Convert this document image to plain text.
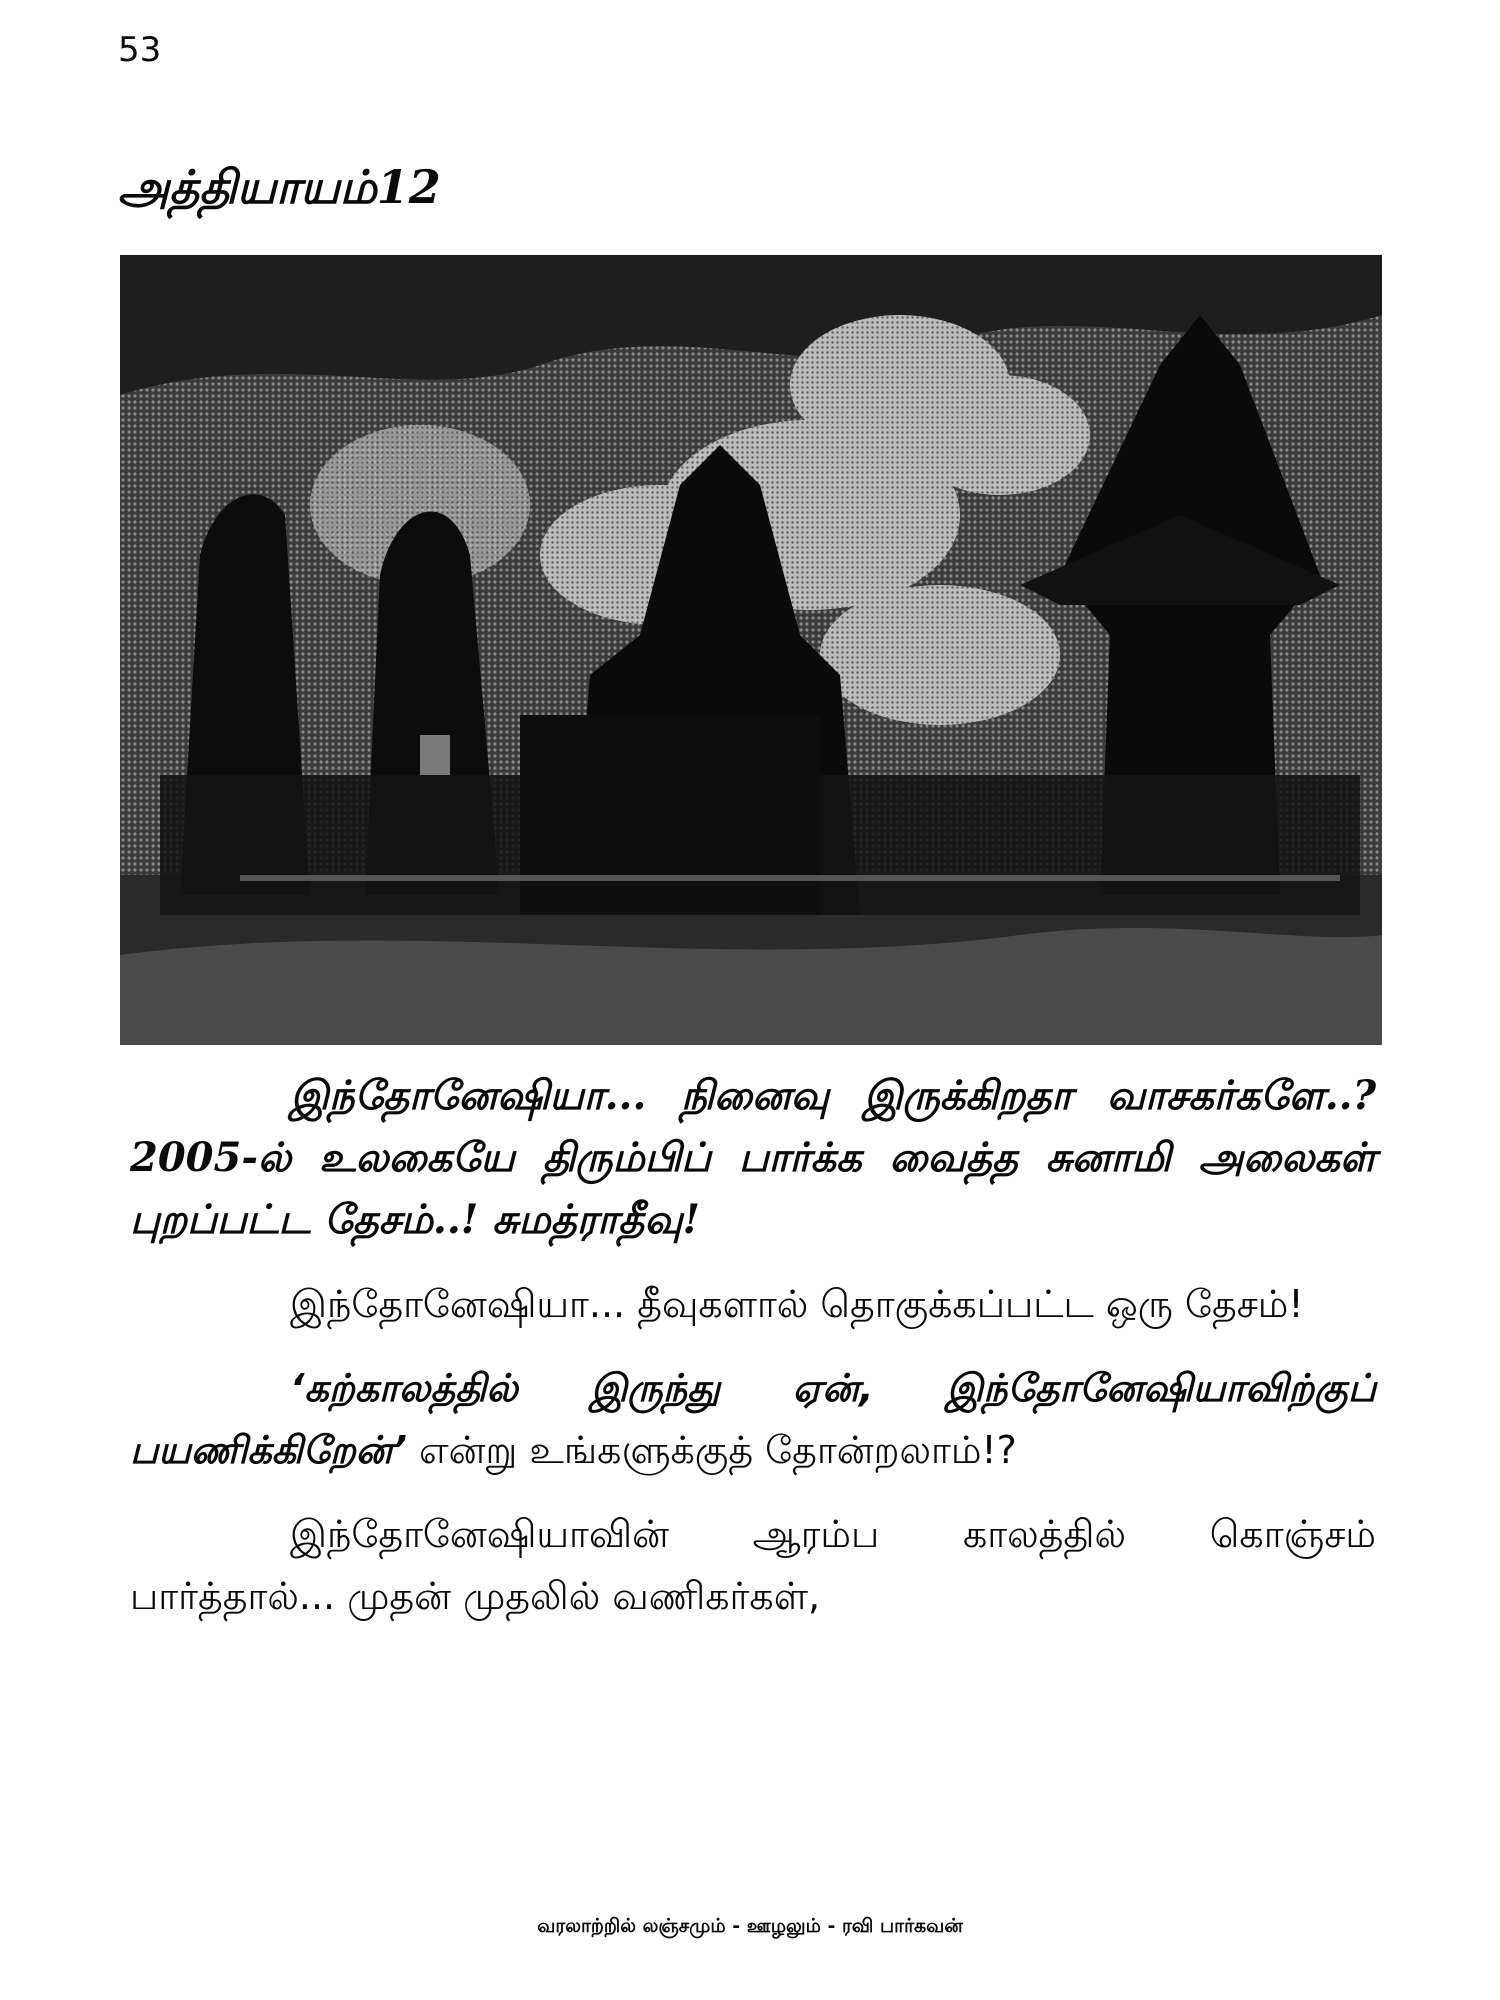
53
அத்தியாயம்12

இந்தோனேஷியா... நினைவு இருக்கிறதா வாசகர்களே..? 2005-ல் உலகையே திரும்பிப் பார்க்க வைத்த சுனாமி அலைகள் புறப்பட்ட தேசம்..! சுமத்ராதீவு!

இந்தோனேஷியா... தீவுகளால் தொகுக்கப்பட்ட ஒரு தேசம்!

‘கற்காலத்தில் இருந்து ஏன், இந்தோனேஷியாவிற்குப் பயணிக்கிறேன்’ என்று உங்களுக்குத் தோன்றலாம்!?

இந்தோனேஷியாவின் ஆரம்ப காலத்தில் கொஞ்சம் பார்த்தால்... முதன் முதலில் வணிகர்கள்,

வரலாற்றில் லஞ்சமும் - ஊழலும் - ரவி பார்கவன்
